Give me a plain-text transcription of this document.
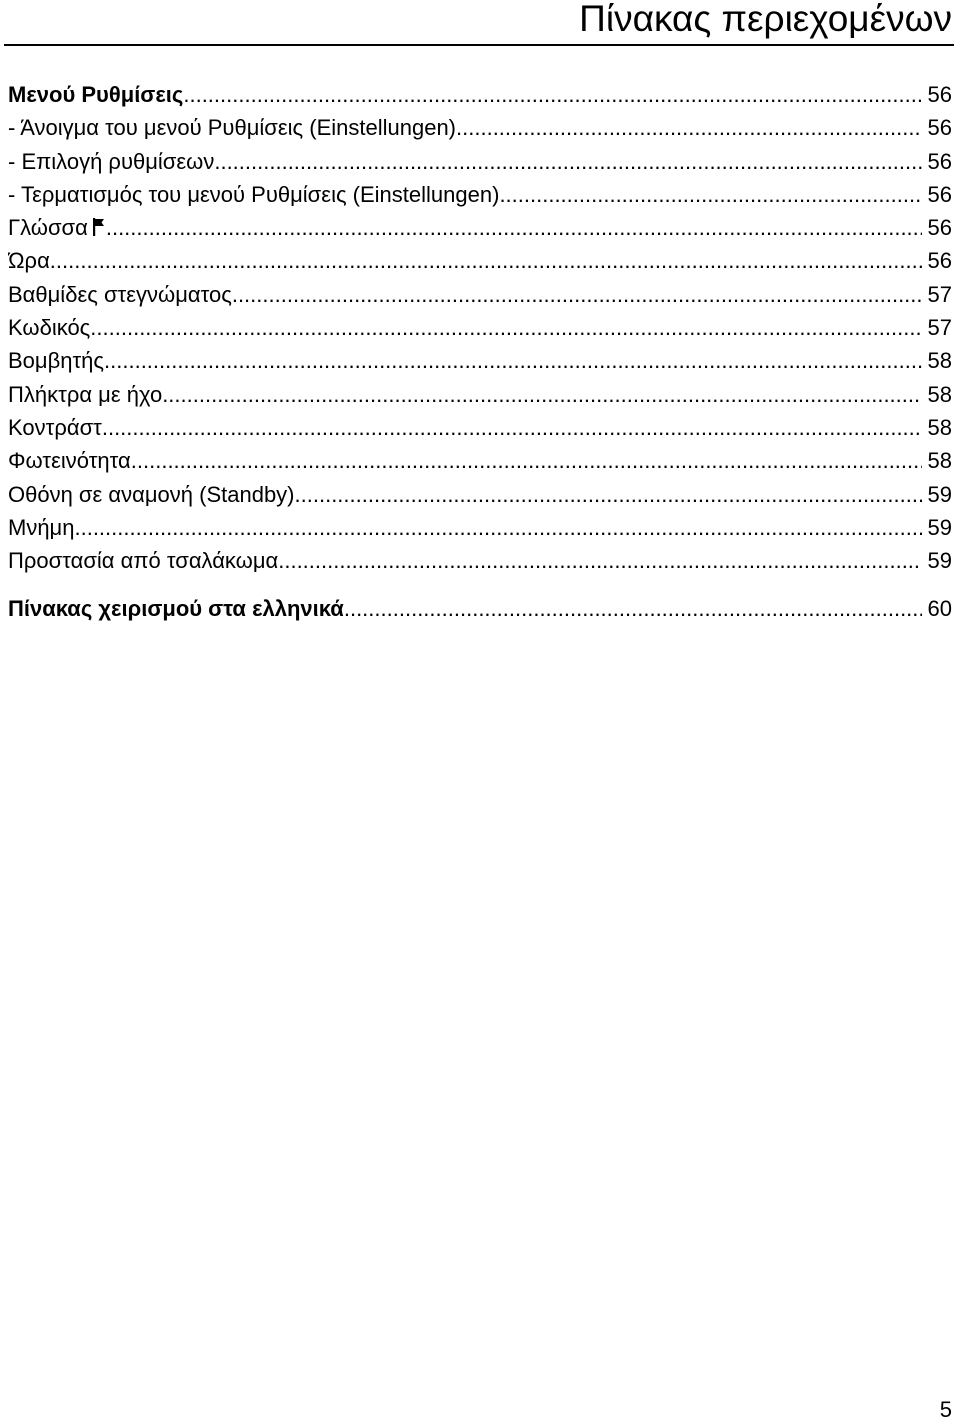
Πίνακας περιεχομένων
Μενού Ρυθμίσεις .....	56
- Άνοιγμα του μενού Ρυθμίσεις (Einstellungen) .....	56
- Επιλογή ρυθμίσεων .....	56
- Τερματισμός του μενού Ρυθμίσεις (Einstellungen) .....	56
Γλώσσα .....	56
Ώρα .....	56
Βαθμίδες στεγνώματος .....	57
Κωδικός .....	57
Βομβητής .....	58
Πλήκτρα με ήχο .....	58
Κοντράστ .....	58
Φωτεινότητα .....	58
Οθόνη σε αναμονή (Standby) .....	59
Μνήμη .....	59
Προστασία από τσαλάκωμα .....	59
Πίνακας χειρισμού στα ελληνικά .....	60

5
